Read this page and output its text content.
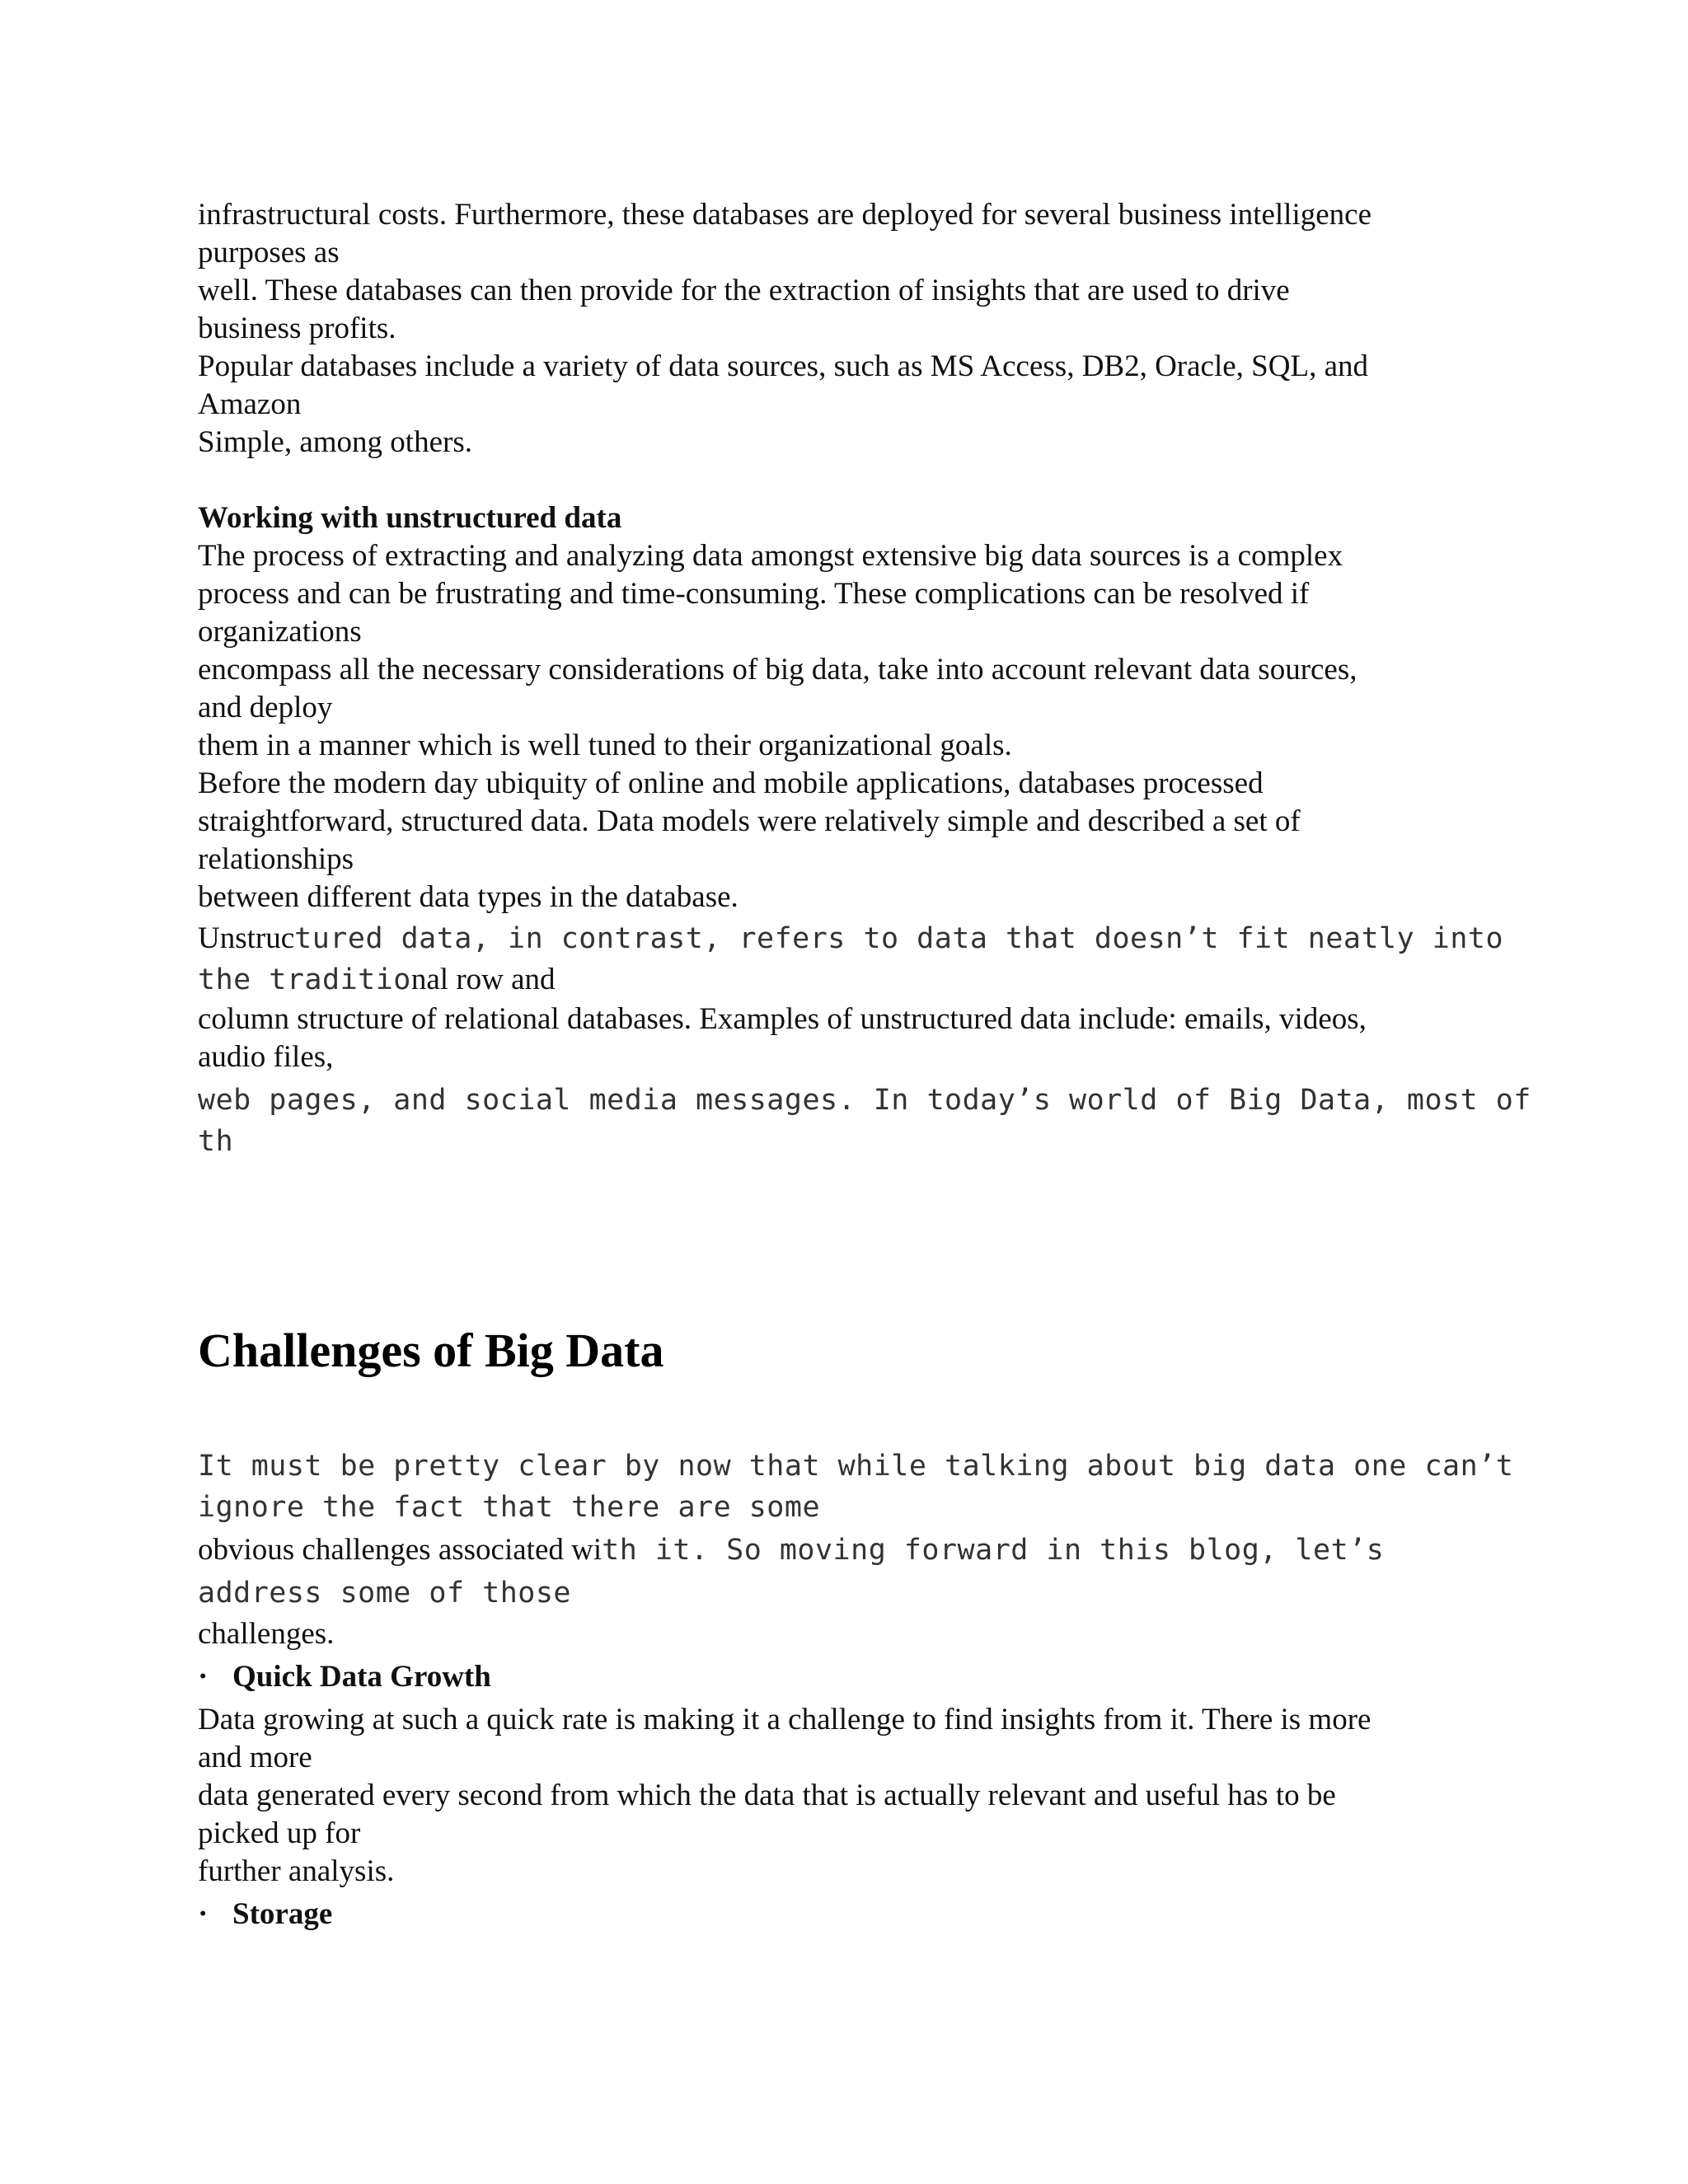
infrastructural costs. Furthermore, these databases are deployed for several business intelligence

purposes as

well. These databases can then provide for the extraction of insights that are used to drive

business profits.

Popular databases include a variety of data sources, such as MS Access, DB2, Oracle, SQL, and

Amazon

Simple, among others.

Working with unstructured data

The process of extracting and analyzing data amongst extensive big data sources is a complex

process and can be frustrating and time-consuming. These complications can be resolved if

organizations

encompass all the necessary considerations of big data, take into account relevant data sources,

and deploy

them in a manner which is well tuned to their organizational goals.

Before the modern day ubiquity of online and mobile applications, databases processed

straightforward, structured data. Data models were relatively simple and described a set of

relationships

between different data types in the database.

Unstructured data, in contrast, refers to data that doesn’t fit neatly into

the traditional row and

column structure of relational databases. Examples of unstructured data include: emails, videos,

audio files,

web pages, and social media messages. In today’s world of Big Data, most of

th

Challenges of Big Data

It must be pretty clear by now that while talking about big data one can’t

ignore the fact that there are some

obvious challenges associated with it. So moving forward in this blog, let’s

address some of those

challenges.

· Quick Data Growth

Data growing at such a quick rate is making it a challenge to find insights from it. There is more

and more

data generated every second from which the data that is actually relevant and useful has to be

picked up for

further analysis.

· Storage
